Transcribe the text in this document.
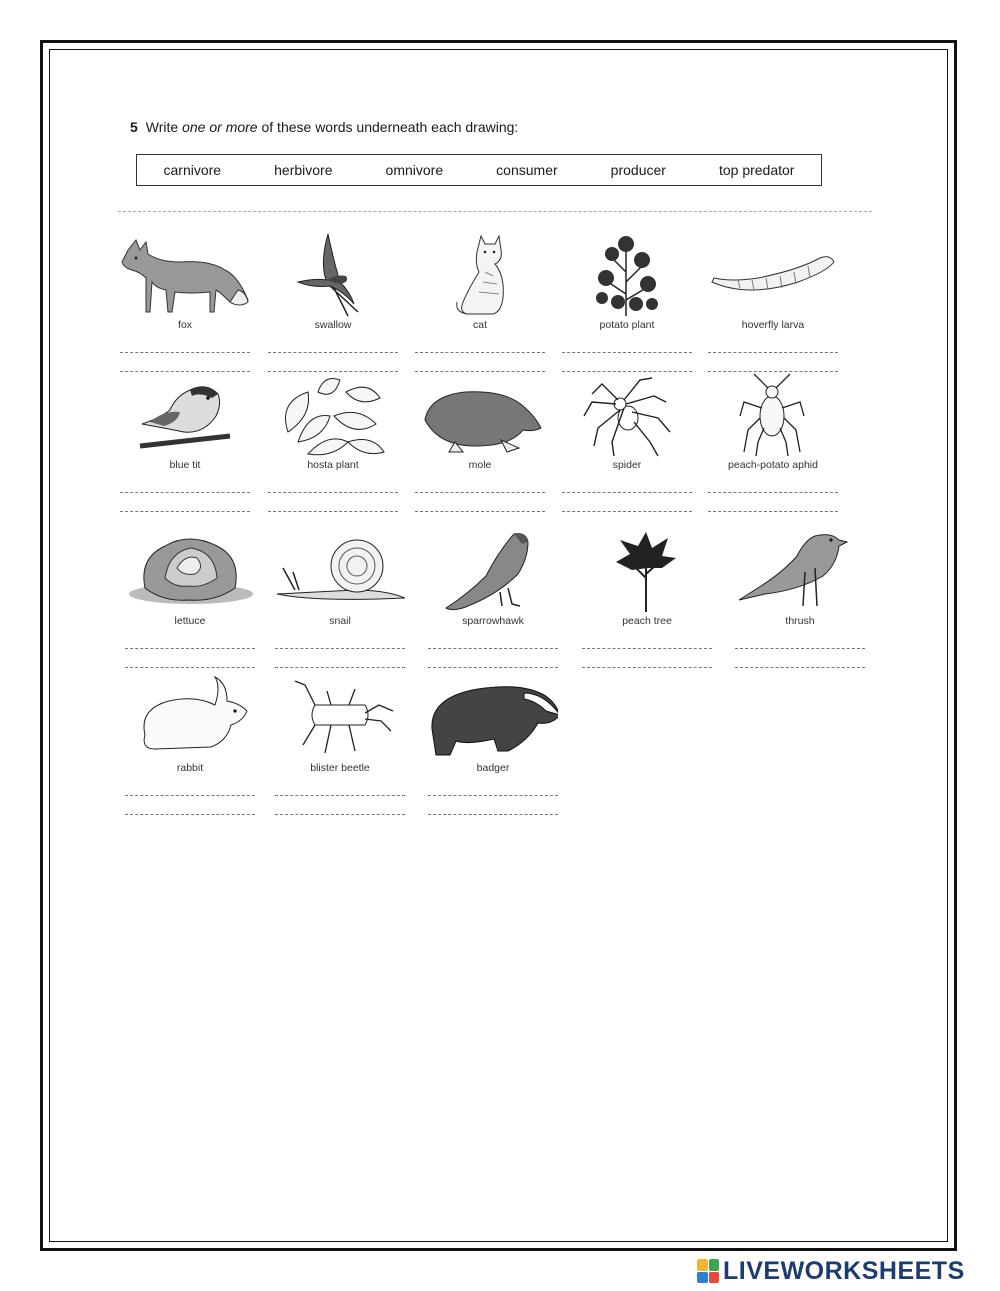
5 Write one or more of these words underneath each drawing:
carnivore	herbivore	omnivore	consumer	producer	top predator
fox
	swallow
	cat
	potato plant
	hoverfly larva

blue tit
	hosta plant
	mole
	spider
	peach-potato aphid

lettuce
	snail
	sparrowhawk
	peach tree
	thrush

rabbit
	blister beetle
	badger

LIVEWORKSHEETS
